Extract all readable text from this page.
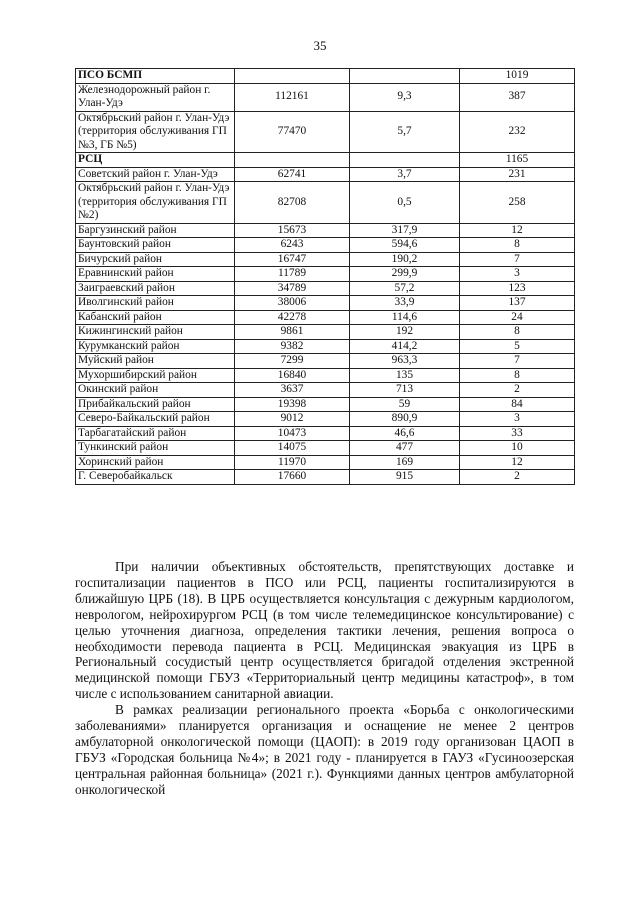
35
ПСО БСМП			1019
Железнодорожный район г. Улан-Удэ	112161	9,3	387
Октябрьский район г. Улан-Удэ (территория обслуживания ГП №3, ГБ №5)	77470	5,7	232
РСЦ			1165
Советский район г. Улан-Удэ	62741	3,7	231
Октябрьский район г. Улан-Удэ (территория обслуживания ГП №2)	82708	0,5	258
Баргузинский район	15673	317,9	12
Баунтовский район	6243	594,6	8
Бичурский район	16747	190,2	7
Еравнинский район	11789	299,9	3
Заиграевский район	34789	57,2	123
Иволгинский район	38006	33,9	137
Кабанский район	42278	114,6	24
Кижингинский район	9861	192	8
Курумканский район	9382	414,2	5
Муйский район	7299	963,3	7
Мухоршибирский район	16840	135	8
Окинский район	3637	713	2
Прибайкальский район	19398	59	84
Северо-Байкальский район	9012	890,9	3
Тарбагатайский район	10473	46,6	33
Тункинский район	14075	477	10
Хоринский район	11970	169	12
Г. Северобайкальск	17660	915	2

При наличии объективных обстоятельств, препятствующих доставке и госпитализации пациентов в ПСО или РСЦ, пациенты госпитализируются в ближайшую ЦРБ (18). В ЦРБ осуществляется консультация с дежурным кардиологом, неврологом, нейрохирургом РСЦ (в том числе телемедицинское консультирование) с целью уточнения диагноза, определения тактики лечения, решения вопроса о необходимости перевода пациента в РСЦ. Медицинская эвакуация из ЦРБ в Региональный сосудистый центр осуществляется бригадой отделения экстренной медицинской помощи ГБУЗ «Территориальный центр медицины катастроф», в том числе с использованием санитарной авиации.

В рамках реализации регионального проекта «Борьба с онкологическими заболеваниями» планируется организация и оснащение не менее 2 центров амбулаторной онкологической помощи (ЦАОП): в 2019 году организован ЦАОП в ГБУЗ «Городская больница №4»; в 2021 году - планируется в ГАУЗ «Гусиноозерская центральная районная больница» (2021 г.). Функциями данных центров амбулаторной онкологической
